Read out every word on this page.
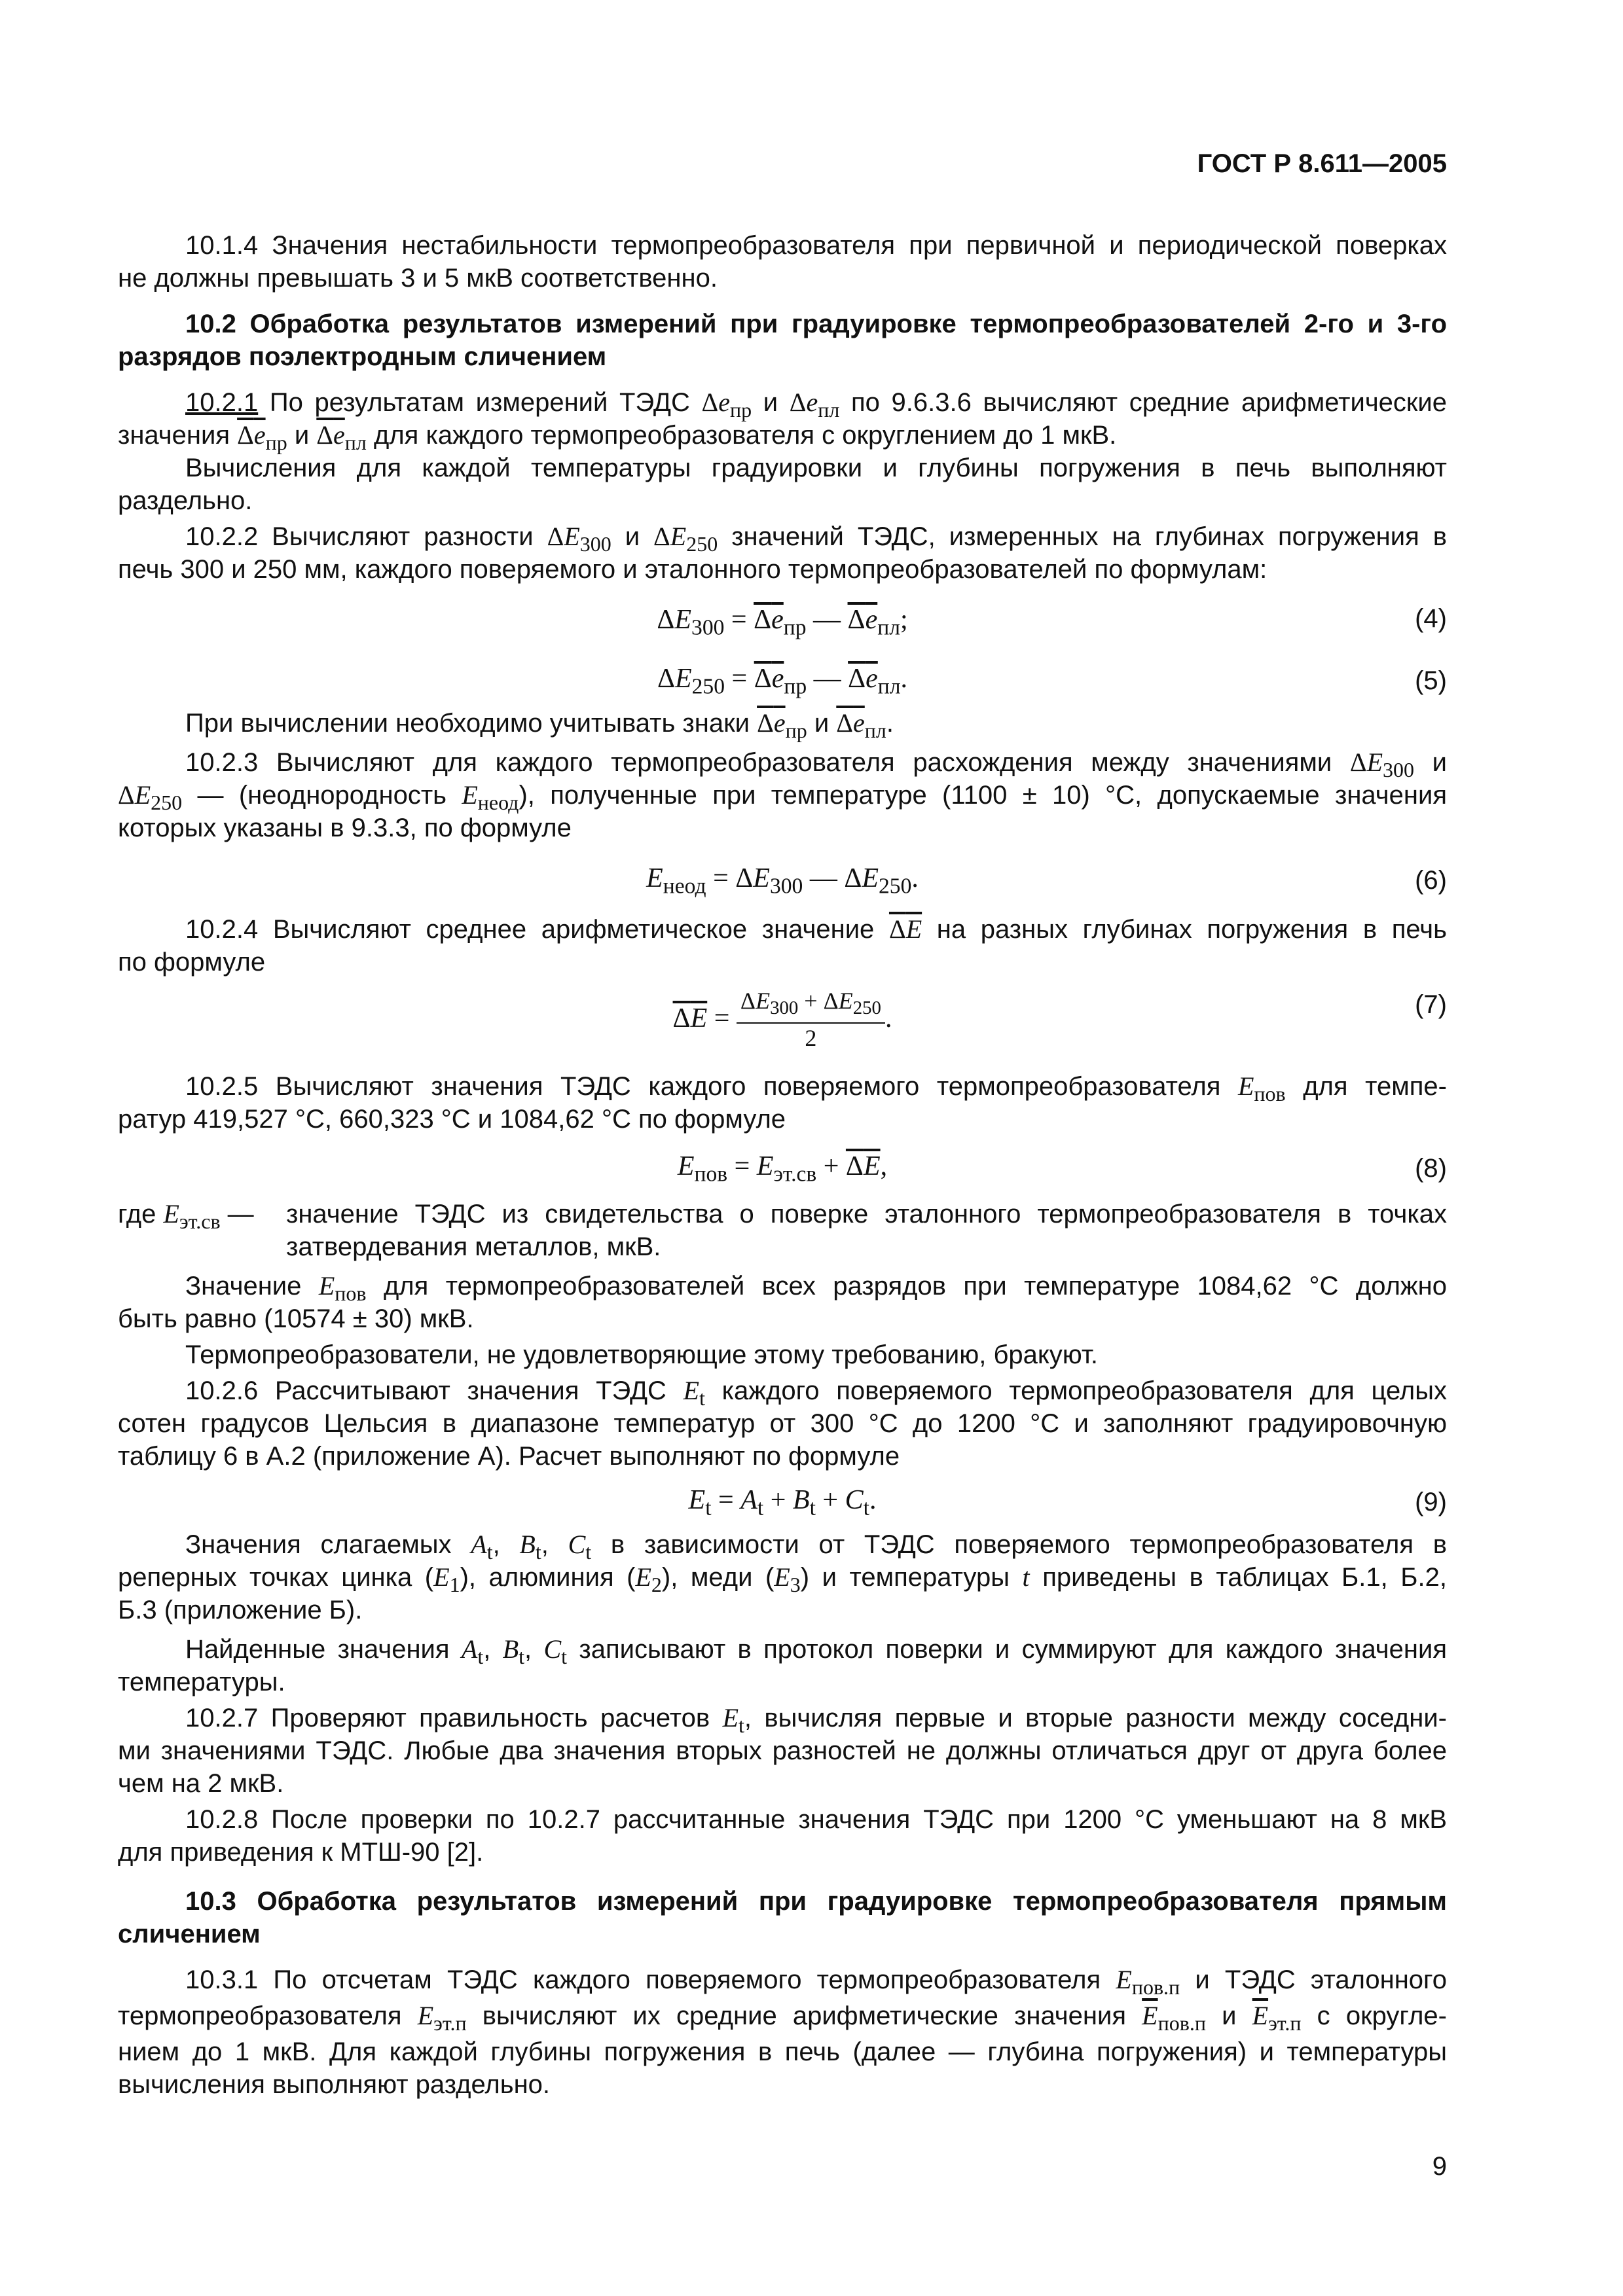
ГОСТ Р 8.611—2005

10.1.4 Значения нестабильности термопреобразователя при первичной и периодической поверках

не должны превышать 3 и 5 мкВ соответственно.

10.2 Обработка результатов измерений при градуировке термопреобразователей 2-го и 3-го

разрядов поэлектродным сличением

10.2.1 По результатам измерений ТЭДС $\Delta e_{пр}$ и $\Delta e_{пл}$ по 9.6.3.6 вычисляют средние арифметические

значения $\Delta e_{пр}$ и $\Delta e_{пл}$ для каждого термопреобразователя с округлением до 1 мкВ.

Вычисления для каждой температуры градуировки и глубины погружения в печь выполняют

раздельно.

10.2.2 Вычисляют разности $\Delta E_{300}$ и $\Delta E_{250}$ значений ТЭДС, измеренных на глубинах погружения в

печь 300 и 250 мм, каждого поверяемого и эталонного термопреобразователей по формулам:

$\Delta E_{300} = \Delta e_{пр}$ — $\Delta e_{пл}$;	(4)
$\Delta E_{250} = \Delta e_{пр}$ — $\Delta e_{пл}$.	(5)

При вычислении необходимо учитывать знаки $\Delta e_{пр}$ и $\Delta e_{пл}$.

10.2.3 Вычисляют для каждого термопреобразователя расхождения между значениями $\Delta E_{300}$ и

$\Delta E_{250}$ — (неоднородность $E_{неод}$), полученные при температуре (1100 ± 10) °С, допускаемые значения

которых указаны в 9.3.3, по формуле

$E_{неод} = \Delta E_{300}$ — $\Delta E_{250}$.	(6)

10.2.4 Вычисляют среднее арифметическое значение ΔE на разных глубинах погружения в печь

по формуле

$\Delta E = \frac{\Delta E_{300} + \Delta E_{250}}{2}$ .	(7)

10.2.5 Вычисляют значения ТЭДС каждого поверяемого термопреобразователя $E_{пов}$ для темпе-

ратур 419,527 °С, 660,323 °С и 1084,62 °С по формуле

$E_{пов} = E_{эт.св} + \Delta E$,	(8)

где $E_{эт.св}$ —	значение ТЭДС из свидетельства о поверке эталонного термопреобразователя в точках

затвердевания металлов, мкВ.

Значение $E_{пов}$ для термопреобразователей всех разрядов при температуре 1084,62 °С должно

быть равно (10574 ± 30) мкВ.

Термопреобразователи, не удовлетворяющие этому требованию, бракуют.

10.2.6 Рассчитывают значения ТЭДС $E_t$ каждого поверяемого термопреобразователя для целых

сотен градусов Цельсия в диапазоне температур от 300 °С до 1200 °С и заполняют градуировочную

таблицу 6 в А.2 (приложение А). Расчет выполняют по формуле

$E_t = A_t + B_t + C_t$.	(9)

Значения слагаемых $A_t$, $B_t$, $C_t$ в зависимости от ТЭДС поверяемого термопреобразователя в

реперных точках цинка $(E_1)$, алюминия $(E_2)$, меди $(E_3)$ и температуры t приведены в таблицах Б.1, Б.2,

Б.3 (приложение Б).

Найденные значения $A_t$, $B_t$, $C_t$ записывают в протокол поверки и суммируют для каждого значения

температуры.

10.2.7 Проверяют правильность расчетов $E_t$, вычисляя первые и вторые разности между соседни-

ми значениями ТЭДС. Любые два значения вторых разностей не должны отличаться друг от друга более

чем на 2 мкВ.

10.2.8 После проверки по 10.2.7 рассчитанные значения ТЭДС при 1200 °С уменьшают на 8 мкВ

для приведения к МТШ-90 [2].

10.3 Обработка результатов измерений при градуировке термопреобразователя прямым

сличением

10.3.1 По отсчетам ТЭДС каждого поверяемого термопреобразователя $E_{пов.п}$ и ТЭДС эталонного

термопреобразователя $E_{эт.п}$ вычисляют их средние арифметические значения $\overline{E}_{пов.п}$ и $\overline{E}_{эт.п}$ с округле-

нием до 1 мкВ. Для каждой глубины погружения в печь (далее — глубина погружения) и температуры

вычисления выполняют раздельно.

9
